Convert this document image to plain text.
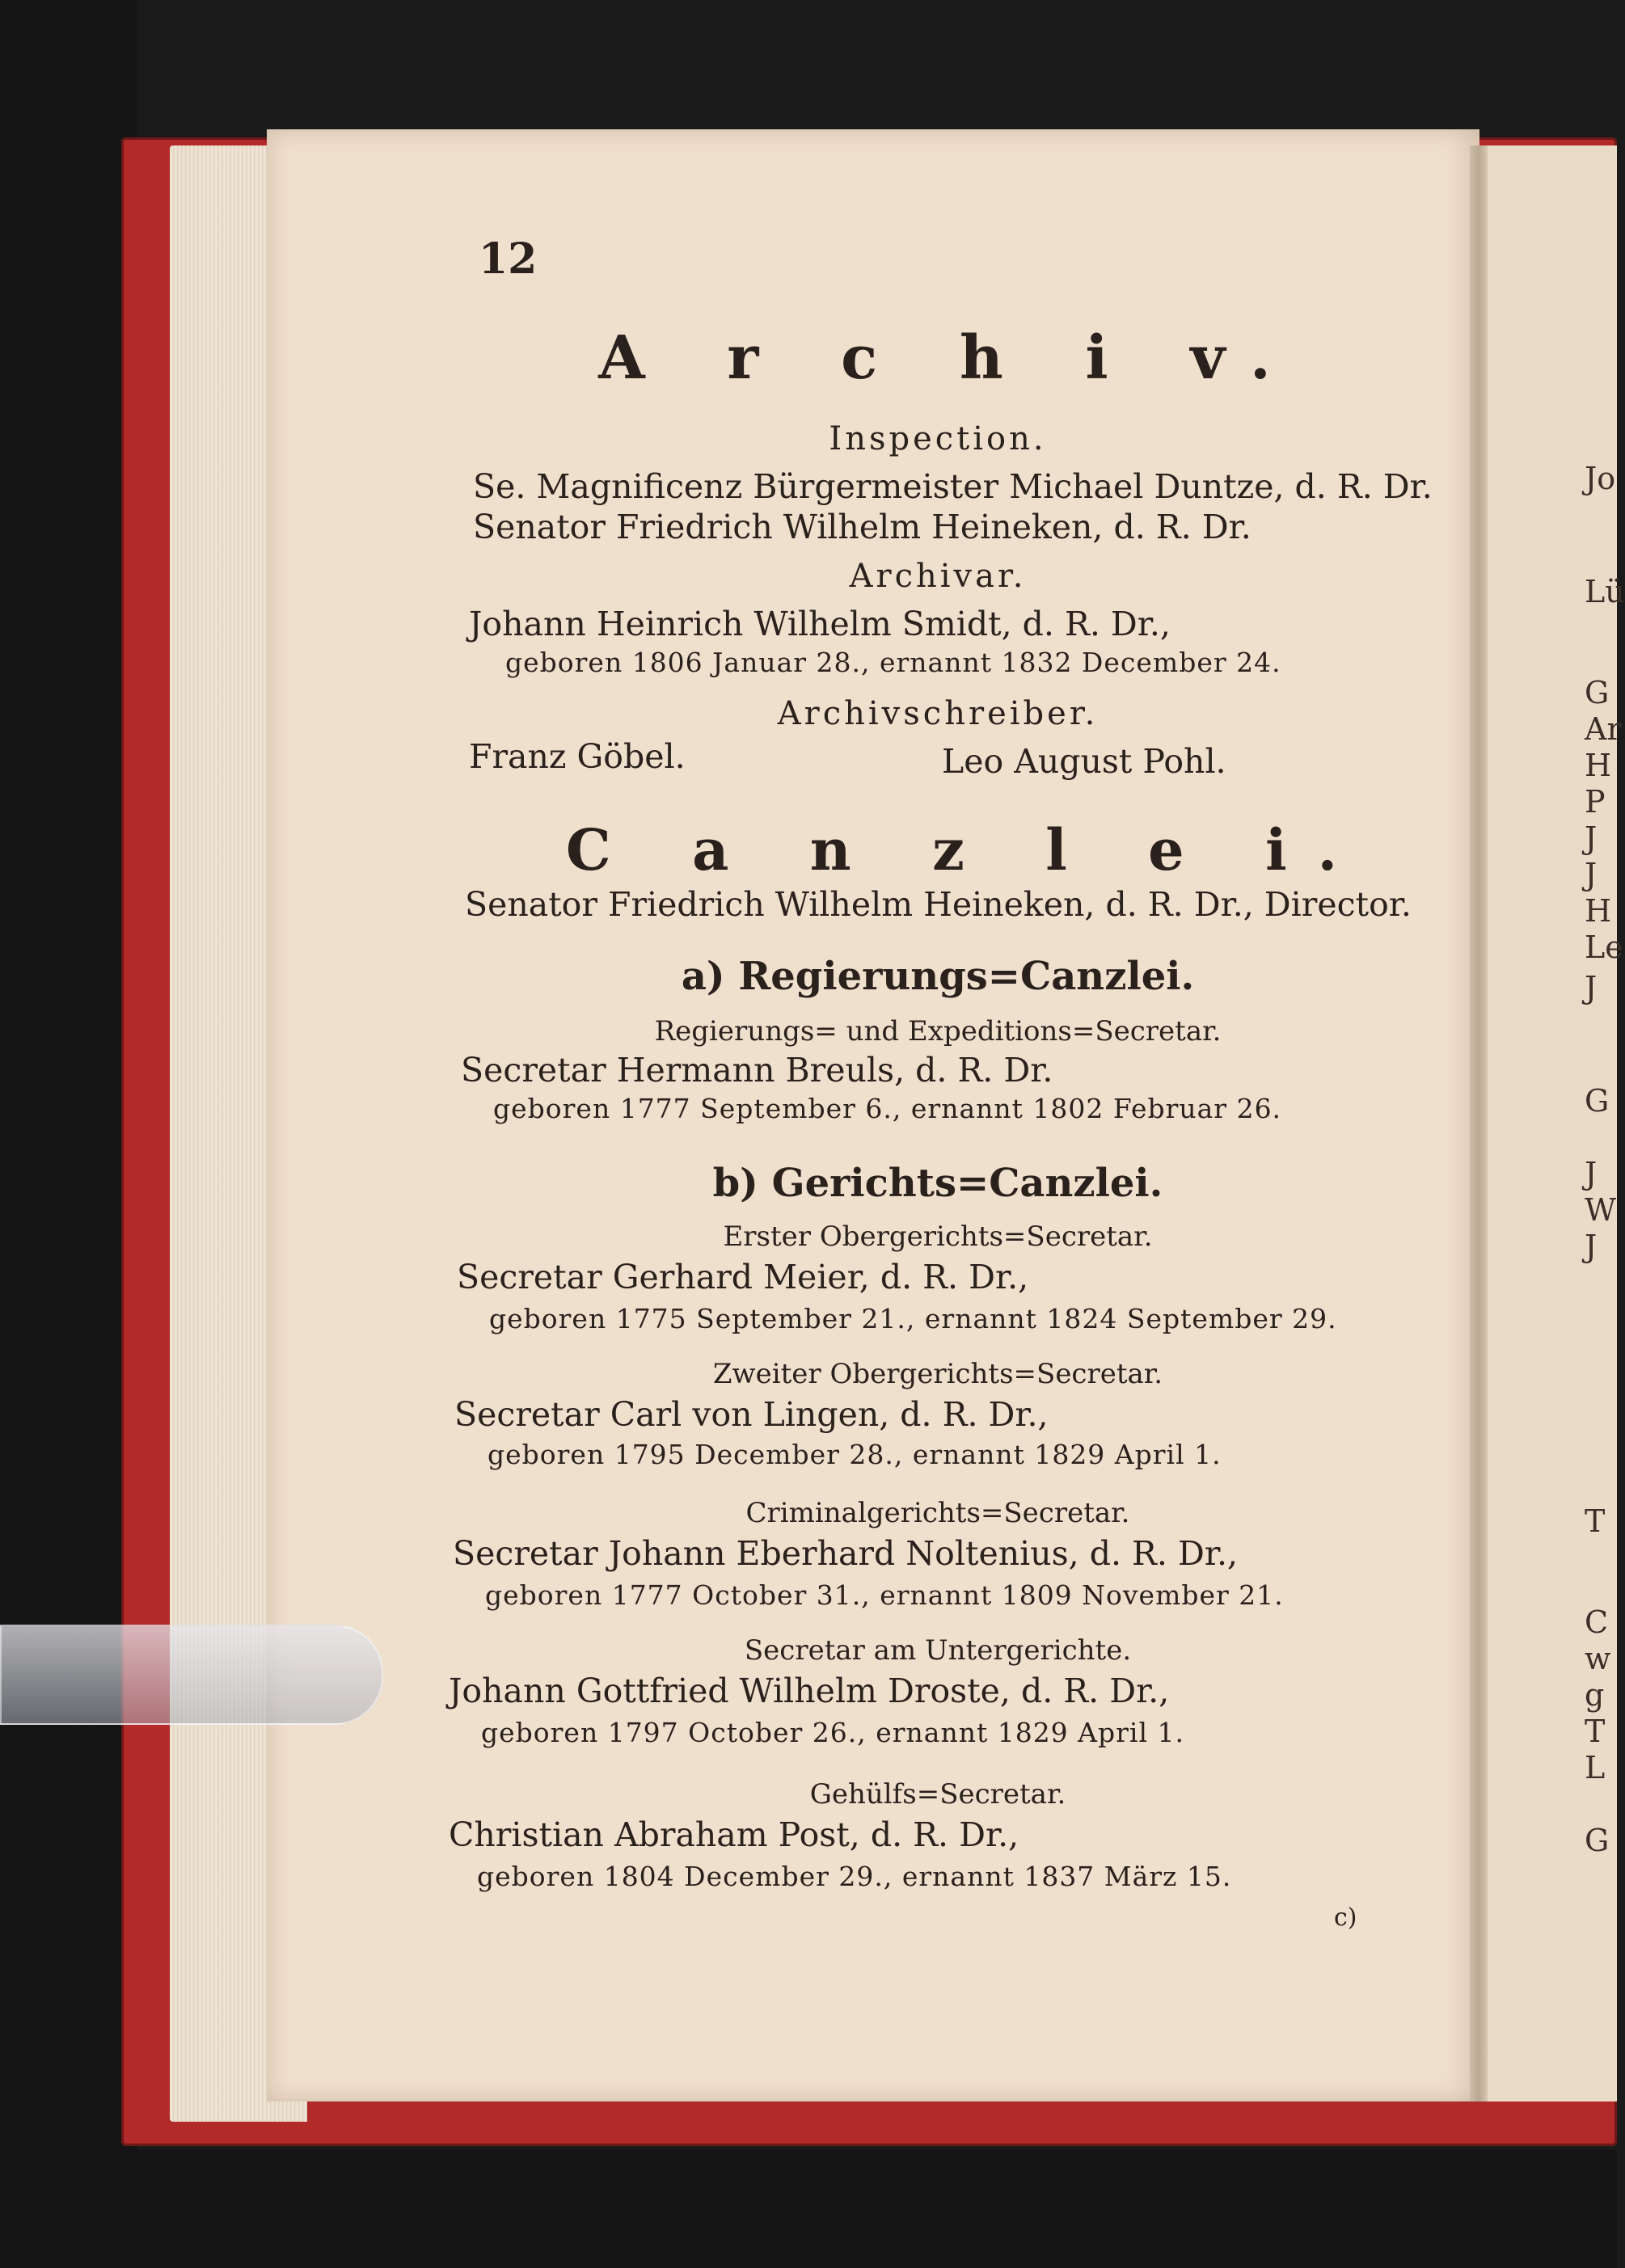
Jo
Lü
G
Ar
H
P
J
J
H
Le
J
G
J
W
J
T
C
w
g
T
L
G
12
A r c h i v.
Inspection.
Se. Magnificenz Bürgermeister Michael Duntze, d. R. Dr.
Senator Friedrich Wilhelm Heineken, d. R. Dr.
Archivar.
Johann Heinrich Wilhelm Smidt, d. R. Dr.,
geboren 1806 Januar 28., ernannt 1832 December 24.
Archivschreiber.
Franz Göbel.	Leo August Pohl.
C a n z l e i.
Senator Friedrich Wilhelm Heineken, d. R. Dr., Director.
a) Regierungs=Canzlei.
Regierungs= und Expeditions=Secretar.
Secretar Hermann Breuls, d. R. Dr.
geboren 1777 September 6., ernannt 1802 Februar 26.
b) Gerichts=Canzlei.
Erster Obergerichts=Secretar.
Secretar Gerhard Meier, d. R. Dr.,
geboren 1775 September 21., ernannt 1824 September 29.
Zweiter Obergerichts=Secretar.
Secretar Carl von Lingen, d. R. Dr.,
geboren 1795 December 28., ernannt 1829 April 1.
Criminalgerichts=Secretar.
Secretar Johann Eberhard Noltenius, d. R. Dr.,
geboren 1777 October 31., ernannt 1809 November 21.
Secretar am Untergerichte.
Johann Gottfried Wilhelm Droste, d. R. Dr.,
geboren 1797 October 26., ernannt 1829 April 1.
Gehülfs=Secretar.
Christian Abraham Post, d. R. Dr.,
geboren 1804 December 29., ernannt 1837 März 15.
c)
